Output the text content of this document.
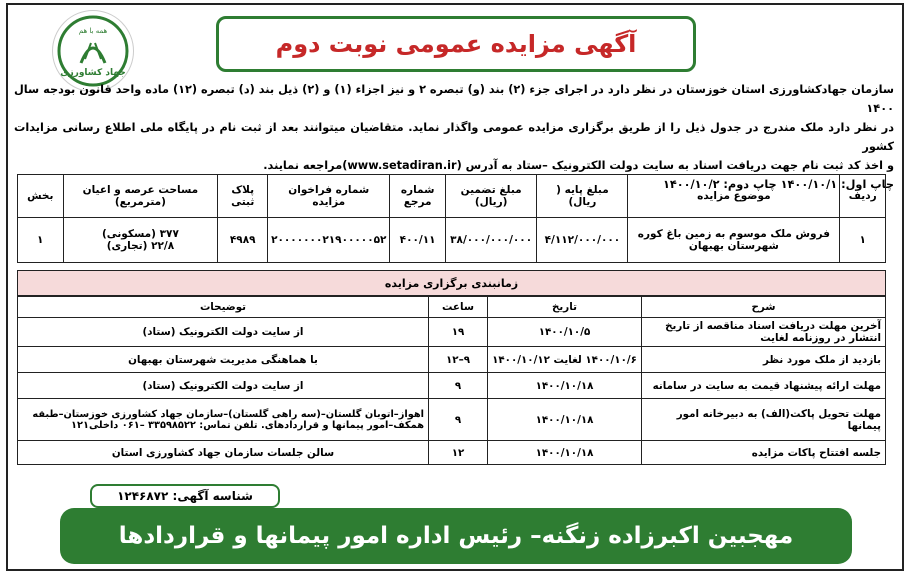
همه با هم
جهاد کشاورزی
آگهی مزایده عمومی نوبت دوم

سازمان جهادکشاورزی استان خوزستان در نظر دارد در اجرای جزء (۲) بند (و) تبصره ۲ و نیز اجزاء (۱) و (۲) ذیل بند (د) تبصره (۱۲) ماده واحد قانون بودجه سال ۱۴۰۰

در نظر دارد ملک مندرج در جدول ذیل را از طریق برگزاری مزایده عمومی واگذار نماید. متقاضیان میتوانند بعد از ثبت نام در پایگاه ملی اطلاع رسانی مزایدات کشور

و اخذ کد ثبت نام جهت دریافت اسناد به سایت دولت الکترونیک –ستاد به آدرس (www.setadiran.ir)مراجعه نمایند.

چاپ اول: ۱۴۰۰/۱۰/۱ چاپ دوم: ۱۴۰۰/۱۰/۲

ردیف	موضوع مزایده	مبلغ پایه ( ریال)	مبلغ تضمین (ریال)	شماره مرجع	شماره فراخوان مزایده	پلاک ثبتی	مساحت عرصه و اعیان (مترمربع)	بخش
۱	فروش ملک موسوم به زمین باغ کوره شهرستان بهبهان	۴/۱۱۲/۰۰۰/۰۰۰	۳۸/۰۰۰/۰۰۰/۰۰۰	۴۰۰/۱۱	۲۰۰۰۰۰۰۰۲۱۹۰۰۰۰۰۵۲	۴۹۸۹	۳۷۷ (مسکونی)
۲۲/۸ (تجاری)	۱
زمانبندی برگزاری مزایده
شرح	تاریخ	ساعت	توضیحات
آخرین مهلت دریافت اسناد مناقصه از تاریخ انتشار در روزنامه لغایت	۱۴۰۰/۱۰/۵	۱۹	از سایت دولت الکترونیک (ستاد)
بازدید از ملک مورد نظر	۱۴۰۰/۱۰/۶ لغایت ۱۴۰۰/۱۰/۱۲	۹–۱۲	با هماهنگی مدیریت شهرستان بهبهان
مهلت ارائه پیشنهاد قیمت به سایت در سامانه	۱۴۰۰/۱۰/۱۸	۹	از سایت دولت الکترونیک (ستاد)
مهلت تحویل پاکت(الف) به دبیرخانه امور پیمانها	۱۴۰۰/۱۰/۱۸	۹	اهواز–اتوبان گلستان–(سه راهی گلستان)–سازمان جهاد کشاورزی خوزستان–طبقه همکف–امور پیمانها و قراردادهای. تلفن تماس: ۳۳۵۹۸۵۲۲ –۰۶۱ داخلی۱۲۱
جلسه افتتاح پاکات مزایده	۱۴۰۰/۱۰/۱۸	۱۲	سالن جلسات سازمان جهاد کشاورزی استان
شناسه آگهی: ۱۲۴۶۸۷۲
مهجبین اکبرزاده زنگنه– رئیس اداره امور پیمانها و قراردادها
